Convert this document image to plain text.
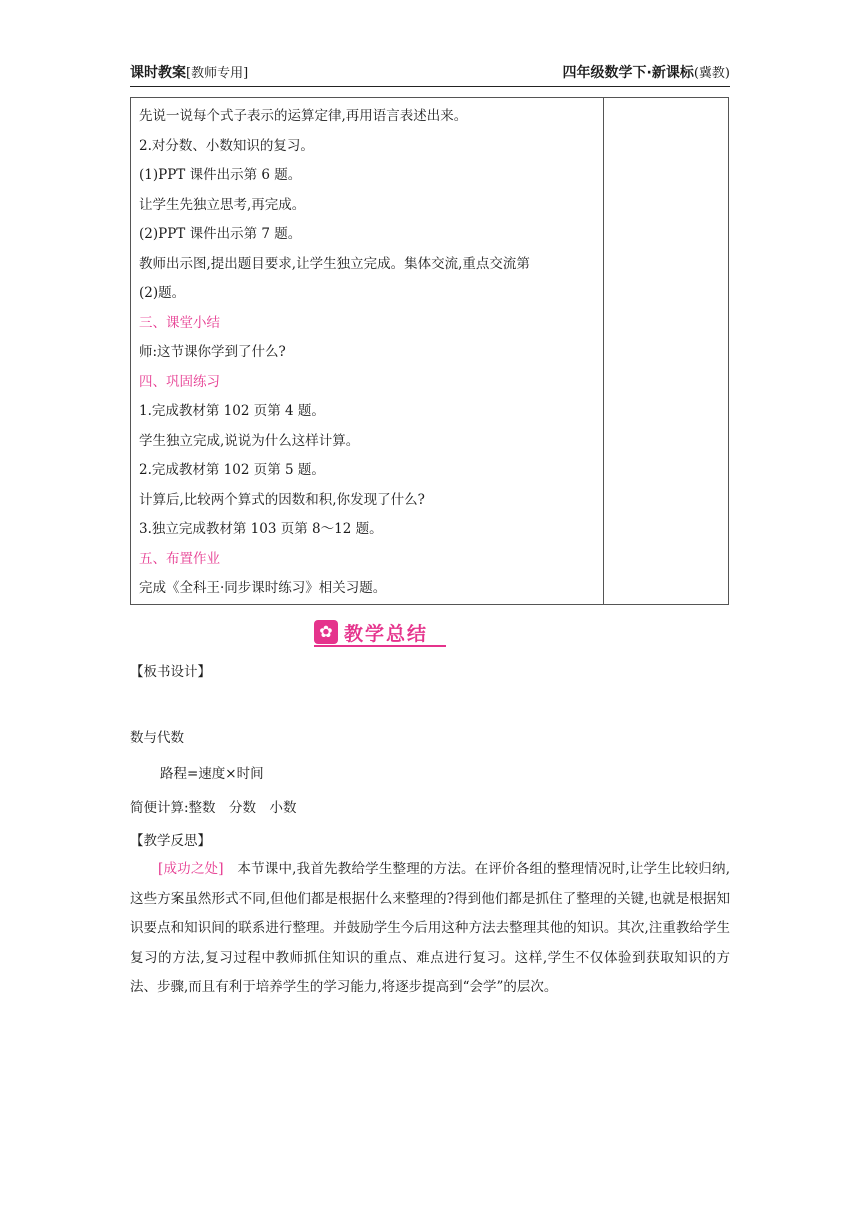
课时教案[教师专用]	四年级数学下·新课标(冀教)
先说一说每个式子表示的运算定律,再用语言表述出来。
2.对分数、小数知识的复习。
(1)PPT 课件出示第 6 题。
让学生先独立思考,再完成。
(2)PPT 课件出示第 7 题。
教师出示图,提出题目要求,让学生独立完成。集体交流,重点交流第
(2)题。
三、课堂小结
师:这节课你学到了什么?
四、巩固练习
1.完成教材第 102 页第 4 题。
学生独立完成,说说为什么这样计算。
2.完成教材第 102 页第 5 题。
计算后,比较两个算式的因数和积,你发现了什么?
3.独立完成教材第 103 页第 8～12 题。
五、布置作业
完成《全科王·同步课时练习》相关习题。
✿ 教学总结
【板书设计】
数与代数
路程=速度×时间
简便计算:整数　分数　小数
【教学反思】
[成功之处]　 本节课中,我首先教给学生整理的方法。在评价各组的整理情况时,让学生比较归纳,这些方案虽然形式不同,但他们都是根据什么来整理的?得到他们都是抓住了整理的关键,也就是根据知识要点和知识间的联系进行整理。并鼓励学生今后用这种方法去整理其他的知识。其次,注重教给学生复习的方法,复习过程中教师抓住知识的重点、难点进行复习。这样,学生不仅体验到获取知识的方法、步骤,而且有利于培养学生的学习能力,将逐步提高到“会学”的层次。
